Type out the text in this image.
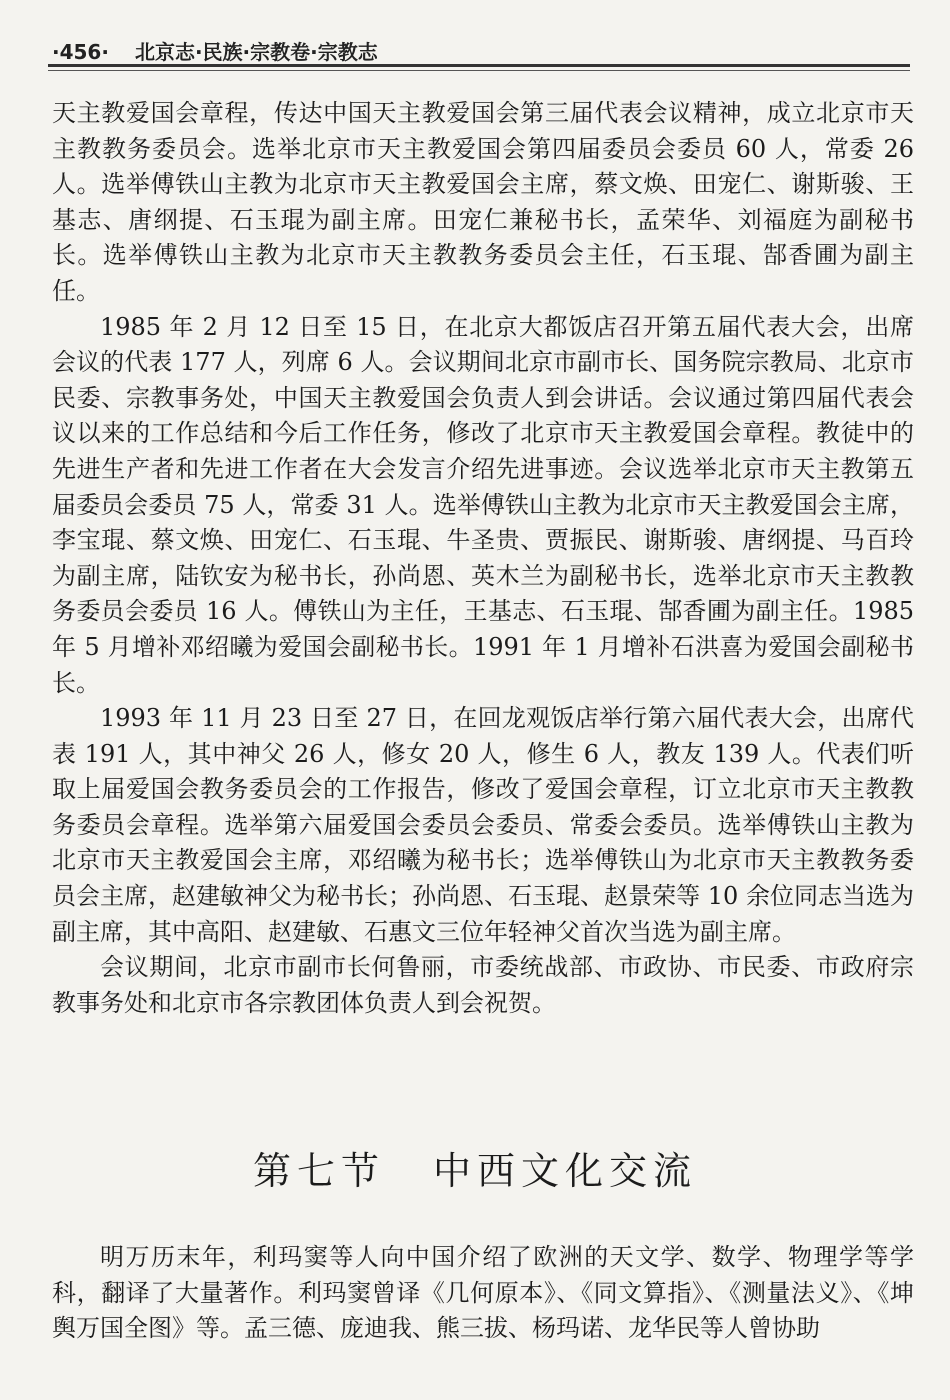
·456· 北京志·民族·宗教卷·宗教志

天主教爱国会章程，传达中国天主教爱国会第三届代表会议精神，成立北京市天主教教务委员会。选举北京市天主教爱国会第四届委员会委员 60 人，常委 26 人。选举傅铁山主教为北京市天主教爱国会主席，蔡文焕、田宠仁、谢斯骏、王基志、唐纲提、石玉琨为副主席。田宠仁兼秘书长，孟荣华、刘福庭为副秘书长。选举傅铁山主教为北京市天主教教务委员会主任，石玉琨、郜香圃为副主任。

1985 年 2 月 12 日至 15 日，在北京大都饭店召开第五届代表大会，出席会议的代表 177 人，列席 6 人。会议期间北京市副市长、国务院宗教局、北京市民委、宗教事务处，中国天主教爱国会负责人到会讲话。会议通过第四届代表会议以来的工作总结和今后工作任务，修改了北京市天主教爱国会章程。教徒中的先进生产者和先进工作者在大会发言介绍先进事迹。会议选举北京市天主教第五届委员会委员 75 人，常委 31 人。选举傅铁山主教为北京市天主教爱国会主席，李宝琨、蔡文焕、田宠仁、石玉琨、牛圣贵、贾振民、谢斯骏、唐纲提、马百玲为副主席，陆钦安为秘书长，孙尚恩、英木兰为副秘书长，选举北京市天主教教务委员会委员 16 人。傅铁山为主任，王基志、石玉琨、郜香圃为副主任。1985 年 5 月增补邓绍曦为爱国会副秘书长。1991 年 1 月增补石洪喜为爱国会副秘书长。

1993 年 11 月 23 日至 27 日，在回龙观饭店举行第六届代表大会，出席代表 191 人，其中神父 26 人，修女 20 人，修生 6 人，教友 139 人。代表们听取上届爱国会教务委员会的工作报告，修改了爱国会章程，订立北京市天主教教务委员会章程。选举第六届爱国会委员会委员、常委会委员。选举傅铁山主教为北京市天主教爱国会主席，邓绍曦为秘书长；选举傅铁山为北京市天主教教务委员会主席，赵建敏神父为秘书长；孙尚恩、石玉琨、赵景荣等 10 余位同志当选为副主席，其中高阳、赵建敏、石惠文三位年轻神父首次当选为副主席。

会议期间，北京市副市长何鲁丽，市委统战部、市政协、市民委、市政府宗教事务处和北京市各宗教团体负责人到会祝贺。

第七节 中西文化交流

明万历末年，利玛窦等人向中国介绍了欧洲的天文学、数学、物理学等学科，翻译了大量著作。利玛窦曾译《几何原本》、《同文算指》、《测量法义》、《坤舆万国全图》等。孟三德、庞迪我、熊三拔、杨玛诺、龙华民等人曾协助
